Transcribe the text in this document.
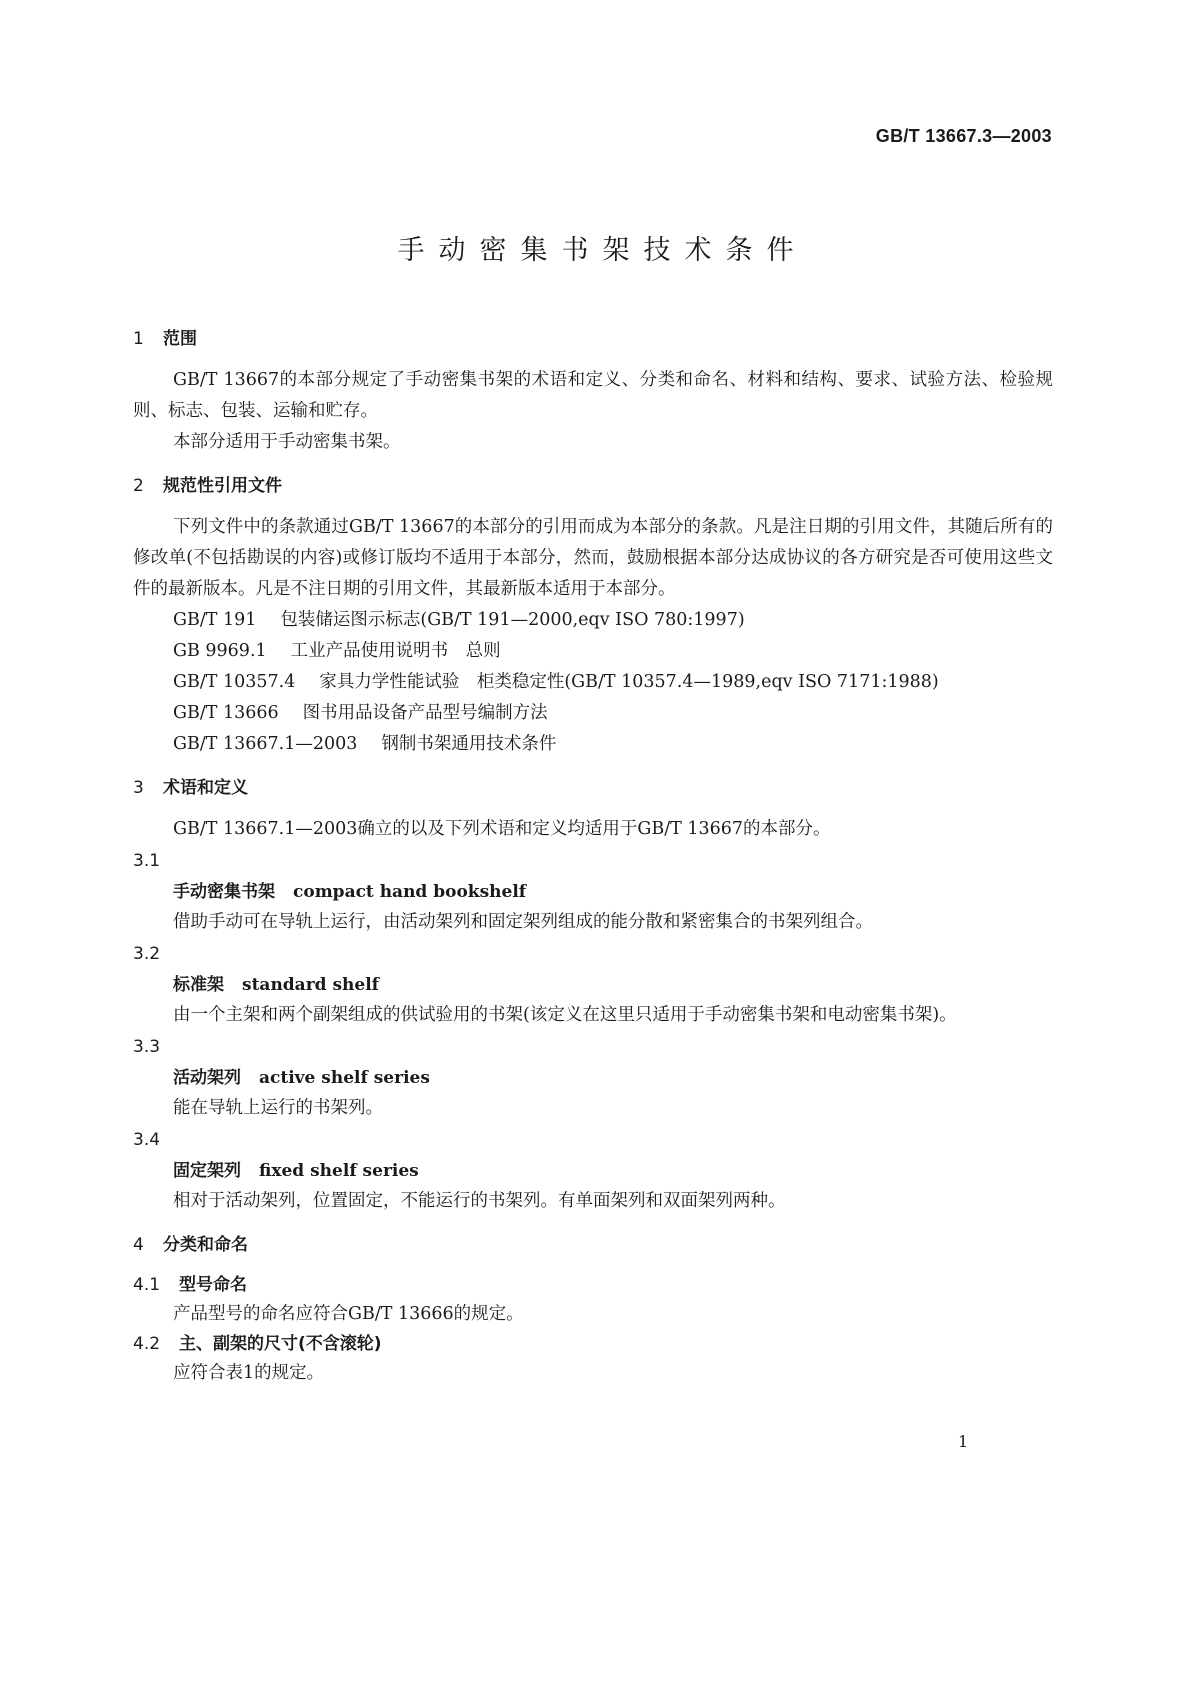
GB/T 13667.3—2003
手动密集书架技术条件
1 范围

GB/T 13667的本部分规定了手动密集书架的术语和定义、分类和命名、材料和结构、要求、试验方法、检验规则、标志、包装、运输和贮存。

本部分适用于手动密集书架。

2 规范性引用文件

下列文件中的条款通过GB/T 13667的本部分的引用而成为本部分的条款。凡是注日期的引用文件，其随后所有的修改单(不包括勘误的内容)或修订版均不适用于本部分，然而，鼓励根据本部分达成协议的各方研究是否可使用这些文件的最新版本。凡是不注日期的引用文件，其最新版本适用于本部分。

GB/T 191 包装储运图示标志(GB/T 191—2000,eqv ISO 780:1997)
GB 9969.1 工业产品使用说明书　总则
GB/T 10357.4 家具力学性能试验　柜类稳定性(GB/T 10357.4—1989,eqv ISO 7171:1988)
GB/T 13666 图书用品设备产品型号编制方法
GB/T 13667.1—2003 钢制书架通用技术条件
3 术语和定义

GB/T 13667.1—2003确立的以及下列术语和定义均适用于GB/T 13667的本部分。

3.1
手动密集书架 compact hand bookshelf

借助手动可在导轨上运行，由活动架列和固定架列组成的能分散和紧密集合的书架列组合。

3.2
标准架 standard shelf

由一个主架和两个副架组成的供试验用的书架(该定义在这里只适用于手动密集书架和电动密集书架)。

3.3
活动架列 active shelf series

能在导轨上运行的书架列。

3.4
固定架列 fixed shelf series

相对于活动架列，位置固定，不能运行的书架列。有单面架列和双面架列两种。

4 分类和命名
4.1 型号命名

产品型号的命名应符合GB/T 13666的规定。

4.2 主、副架的尺寸(不含滚轮)

应符合表1的规定。

1
